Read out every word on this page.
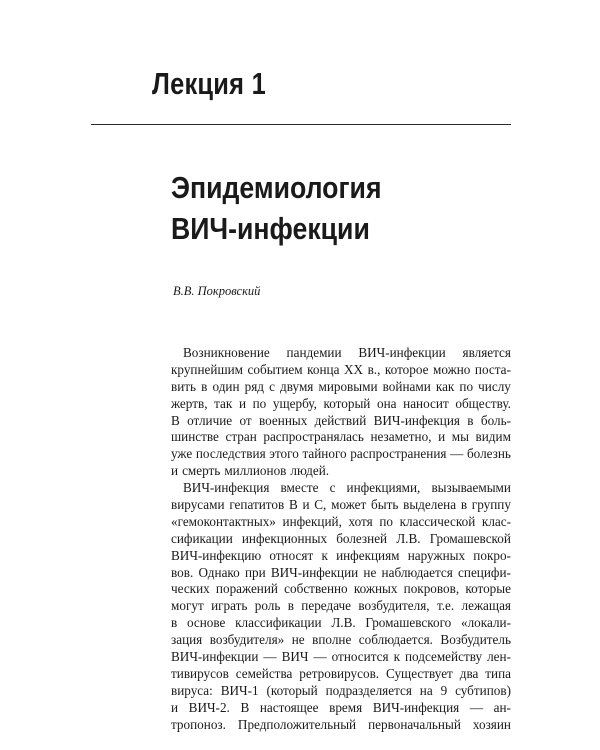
Лекция 1
Эпидемиология
ВИЧ-инфекции
В.В. Покровский
Возникновение пандемии ВИЧ-инфекции является
крупнейшим событием конца XX в., которое можно поста-
вить в один ряд с двумя мировыми войнами как по числу
жертв, так и по ущербу, который она наносит обществу.
В отличие от военных действий ВИЧ-инфекция в боль-
шинстве стран распространялась незаметно, и мы видим
уже последствия этого тайного распространения — болезнь
и смерть миллионов людей.
ВИЧ-инфекция вместе с инфекциями, вызываемыми
вирусами гепатитов В и С, может быть выделена в группу
«гемоконтактных» инфекций, хотя по классической клас-
сификации инфекционных болезней Л.В. Громашевской
ВИЧ-инфекцию относят к инфекциям наружных покро-
вов. Однако при ВИЧ-инфекции не наблюдается специфи-
ческих поражений собственно кожных покровов, которые
могут играть роль в передаче возбудителя, т.е. лежащая
в основе классификации Л.В. Громашевского «локали-
зация возбудителя» не вполне соблюдается. Возбудитель
ВИЧ-инфекции — ВИЧ — относится к подсемейству лен-
тивирусов семейства ретровирусов. Существует два типа
вируса: ВИЧ-1 (который подразделяется на 9 субтипов)
и ВИЧ-2. В настоящее время ВИЧ-инфекция — ан-
тропоноз. Предположительный первоначальный хозяин
